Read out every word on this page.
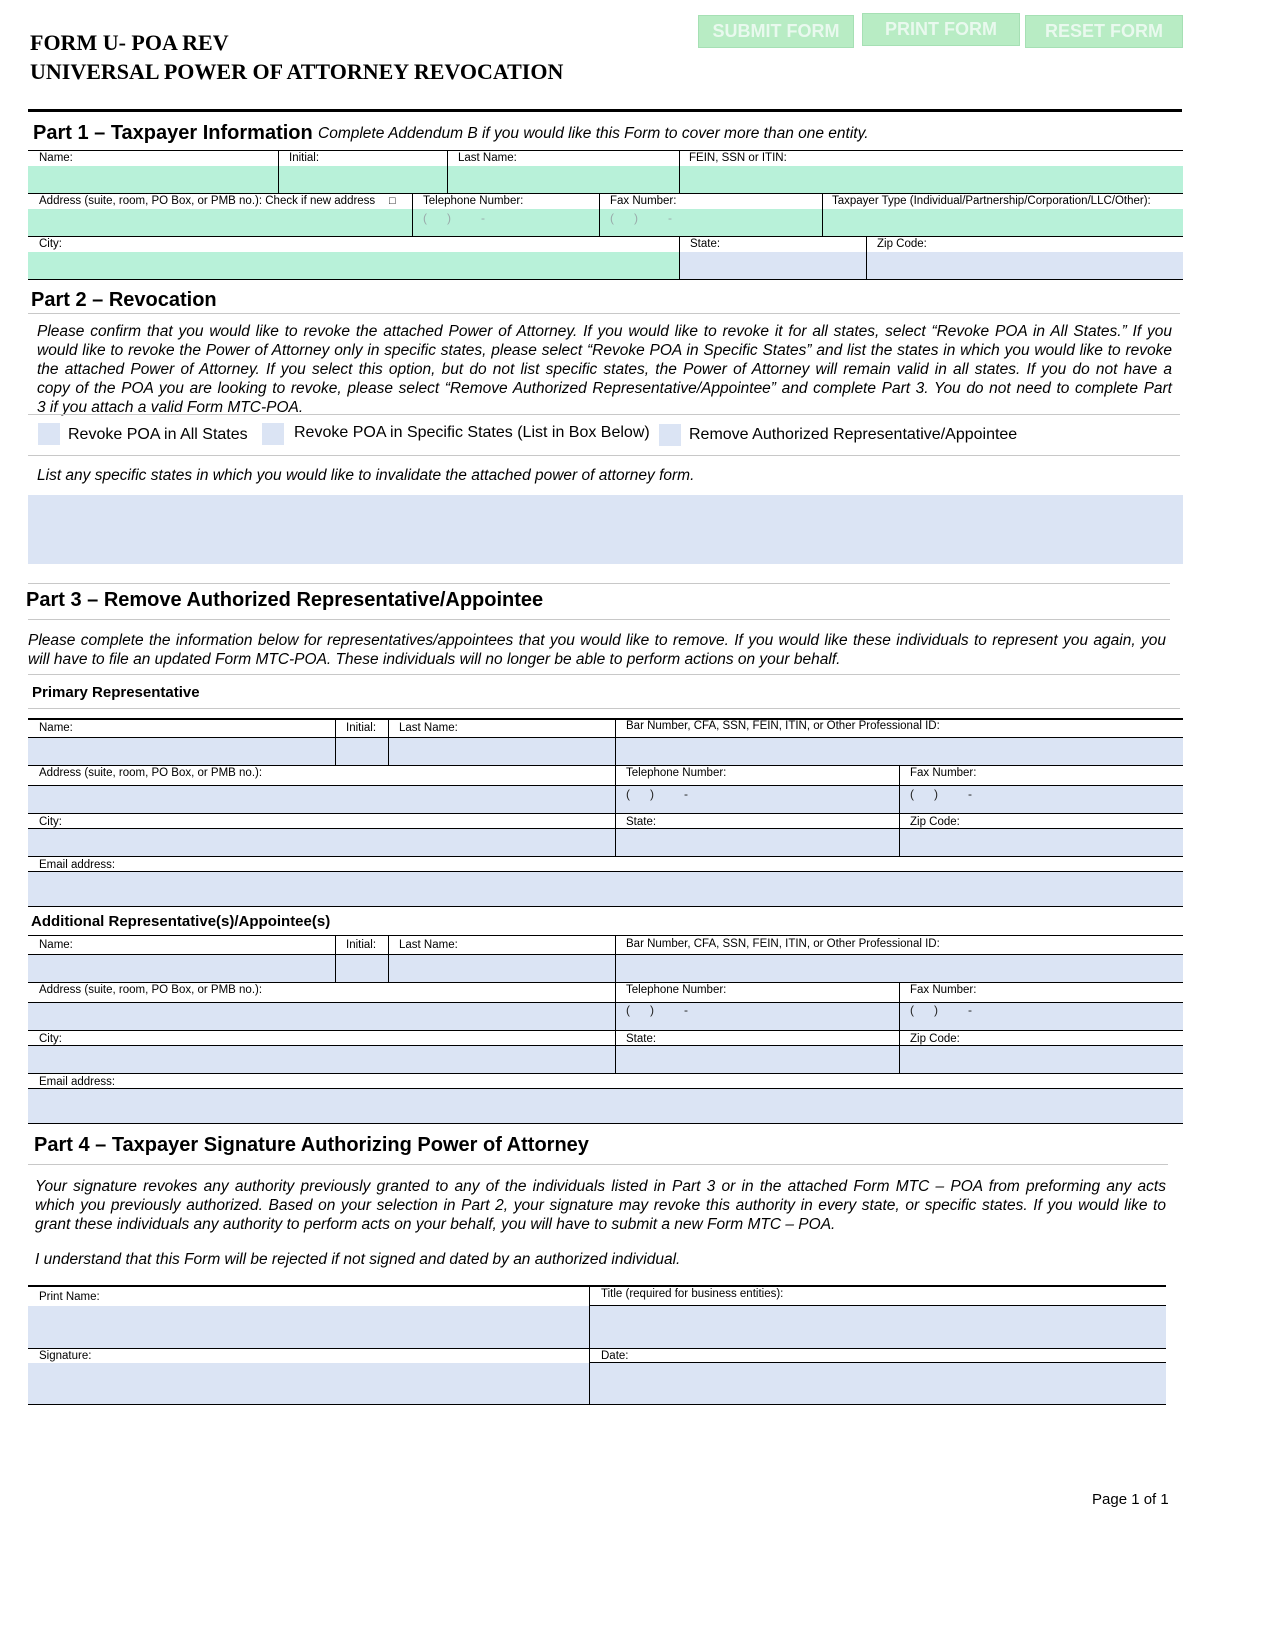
FORM U- POA REV
UNIVERSAL POWER OF ATTORNEY REVOCATION
SUBMIT FORM	PRINT FORM	RESET FORM
Part 1 – Taxpayer Information Complete Addendum B if you would like this Form to cover more than one entity.
Name:	Initial:	Last Name:	FEIN, SSN or ITIN:
Address (suite, room, PO Box, or PMB no.): Check if new address □ Telephone Number:	Fax Number:	Taxpayer Type (Individual/Partnership/Corporation/LLC/Other):
(      )         -	(      )         -
City:	State:	Zip Code:
Part 2 – Revocation
Please confirm that you would like to revoke the attached Power of Attorney. If you would like to revoke it for all states, select “Revoke POA in All States.” If you
would like to revoke the Power of Attorney only in specific states, please select “Revoke POA in Specific States” and list the states in which you would like to revoke
the attached Power of Attorney. If you select this option, but do not list specific states, the Power of Attorney will remain valid in all states. If you do not have a
copy of the POA you are looking to revoke, please select “Remove Authorized Representative/Appointee” and complete Part 3. You do not need to complete Part
3 if you attach a valid Form MTC-POA.
Revoke POA in All States	Revoke POA in Specific States (List in Box Below) Remove Authorized Representative/Appointee
List any specific states in which you would like to invalidate the attached power of attorney form.
Part 3 – Remove Authorized Representative/Appointee
Please complete the information below for representatives/appointees that you would like to remove. If you would like these individuals to represent you again, you
will have to file an updated Form MTC-POA. These individuals will no longer be able to perform actions on your behalf.
Primary Representative
Name:	Initial: Last Name:	Bar Number, CFA, SSN, FEIN, ITIN, or Other Professional ID:
Address (suite, room, PO Box, or PMB no.):	Telephone Number:	Fax Number:
(      )         -	(      )         -
City:	State:	Zip Code:
Email address:
Additional Representative(s)/Appointee(s)
Name:	Initial: Last Name:	Bar Number, CFA, SSN, FEIN, ITIN, or Other Professional ID:
Address (suite, room, PO Box, or PMB no.):	Telephone Number:	Fax Number:
(      )         -	(      )         -
City:	State:	Zip Code:
Email address:
Part 4 – Taxpayer Signature Authorizing Power of Attorney
Your signature revokes any authority previously granted to any of the individuals listed in Part 3 or in the attached Form MTC – POA from preforming any acts
which you previously authorized. Based on your selection in Part 2, your signature may revoke this authority in every state, or specific states. If you would like to
grant these individuals any authority to perform acts on your behalf, you will have to submit a new Form MTC – POA.
I understand that this Form will be rejected if not signed and dated by an authorized individual.
Print Name:	Title (required for business entities):
Signature:	Date:
Page 1 of 1
